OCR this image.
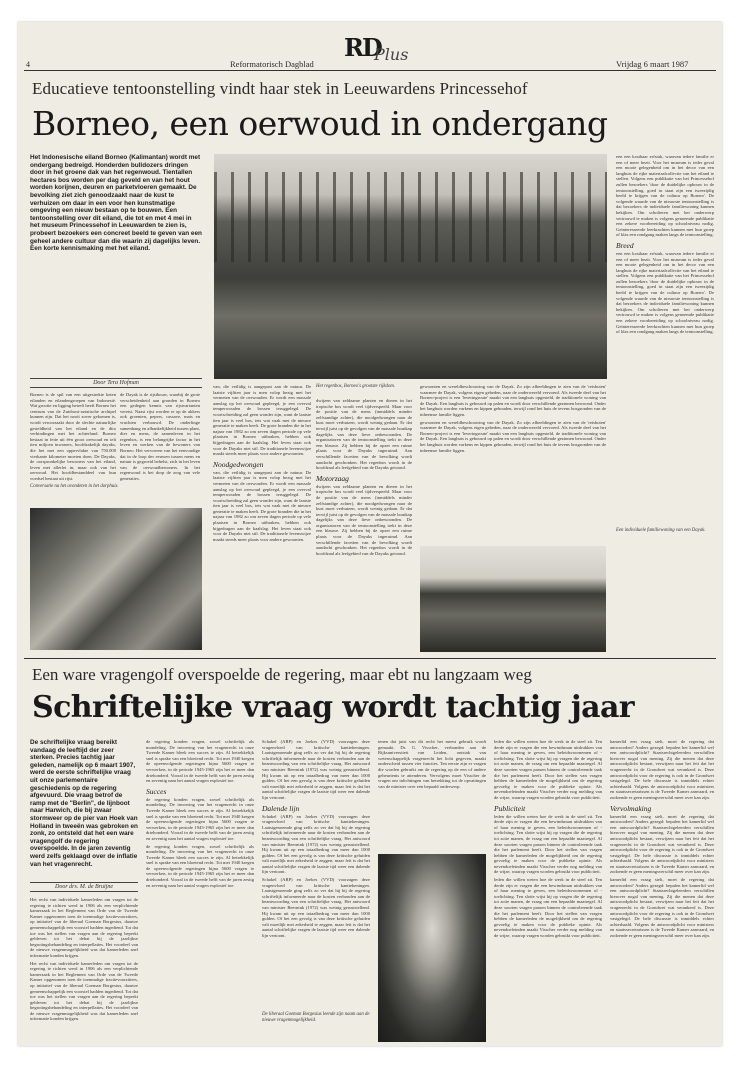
4
RD
Plus
Reformatorisch Dagblad	Vrijdag 6 maart 1987
Educatieve tentoonstelling vindt haar stek in Leeuwardens Princessehof
Borneo, een oerwoud in ondergang
Het Indonesische eiland Borneo (Kalimantan) wordt met ondergang bedreigd. Honderden bulldozers dringen door in het groene dak van het regenwoud. Tientallen hectares bos worden per dag geveld en van het hout worden korijnen, deuren en parketvloeren gemaakt. De bevolking ziet zich genoodzaakt naar de kust te verhuizen om daar in een voor hen kunstmatige omgeving een nieuw bestaan op te bouwen. Een tentoonstelling over dit eiland, die tot en met 4 mei in het museum Princessehof in Leeuwarden te zien is, probeert bezoekers een concreet beeld te geven van een geheel andere cultuur dan die waarin zij dagelijks leven. Een korte kennismaking met het eiland.

een een kostbaar erfstuk, waarvan iedere familie er een of meer bezit. Voor het museum is ieder geval een mooie gelegenheid om in het decor van een langhuis de rijke materiaalcollectie van het eiland te stellen. Volgens een publikatie van het Princessehof zullen bezoekers 'door de duidelijke opbouw in de tentoonstelling, goed in staat zijn een tweezijdig beeld te krijgen van de cultuur op Borneo'. De volgende waarde van de nieuwste tentoonstelling is dat bezoekers de individuele familiewoning kunnen bekijken. Om scholieren met het onderwerp vertrouwd te maken is volgens genoemde publikatie een zekere voorbereiding op schoolniveau nodig. Geïnteresseerde leerkrachten kunnen met hun groep of klas een rondgang maken langs de tentoonstelling.

Breed

een een kostbaar erfstuk, waarvan iedere familie er een of meer bezit. Voor het museum is ieder geval een mooie gelegenheid om in het decor van een langhuis de rijke materiaalcollectie van het eiland te stellen. Volgens een publikatie van het Princessehof zullen bezoekers 'door de duidelijke opbouw in de tentoonstelling, goed in staat zijn een tweezijdig beeld te krijgen van de cultuur op Borneo'. De volgende waarde van de nieuwste tentoonstelling is dat bezoekers de individuele familiewoning kunnen bekijken. Om scholieren met het onderwerp vertrouwd te maken is volgens genoemde publikatie een zekere voorbereiding op schoolniveau nodig. Geïnteresseerde leerkrachten kunnen met hun groep of klas een rondgang maken langs de tentoonstelling.

Door Tera Hofman

Borneo is de spil van een uitgestrekte keten eilanden en eilandengroepen van Indonesië. Wat grootte en ligging betreft heeft Borneo het centrum van de Zuidoost-aziatische archipel kunnen zijn. Dat het nooit zover gekomen is, wordt veroorzaakt door de slechte natuurlijke gesteldheid van het eiland en de dito verbindingen met het achterland. Borneo bestaat in feite uit één groot oerwoud en telt tien miljoen inwoners, hoofdzakelijk dayaks, die het met een oppervlakte van 750.000 vierkante kilometer moeten doen. De Dayaks, de oorspronkelijke bewoners van het eiland, leven met allerlei in, maar ook van het oerwoud. Het hoofdbestanddeel van hun voedsel bestaat uit rijst.

Conversatie na het avondeten in het dorphuis.

de Dayak is de rijstbouw, waarbij de grote verscheidenheid aan gronden in Borneo een gedegen kennis van rijstvarianten vereist. Naast rijst worden er op de akkers ook groenten, pepers, cassave, mais en vruchten verbouwd. De onderlinge samenhang en afhankelijkheid tussen plant, dier en mens, de samenleven in het regenbos, is een belangrijke factor in het leven en werken van de bewoners van Borneo. Het vervoeren van het eenvoudige dat in de loop der eeuwen tussen mens en natuur is gegroeid behelst, zich in het leven van de oerwoudbewoners. In het regenwoud is het dorp de zorg van vele generaties.

van, die veilidig is aangepast aan de natuur. De laatste vijftien jaar is men volop bezig met het vermeten van de oerwouden. Er wordt een massale aanslag op het oerwoud gepleegd, je een overval temperwouden de bossen teruggelegd. De voortschreiding zal geen wonder zijn, want de laatste tien jaar is veel bos, iets wat vaak met de nieuwe generatie te maken heeft. De grote branden die in het najaar van 1982 zo om zeven dagen periode op vele plaatsen in Borneo uitbraken, hebben ook bijgedragen aan de kaalslag. Het leven staat ook voor de Dayaks niet stil. De traditionele levenswijze maakt steeds meer plaats voor andere gewoonten.

Noodgedwongen

van, die veilidig is aangepast aan de natuur. De laatste vijftien jaar is men volop bezig met het vermeten van de oerwouden. Er wordt een massale aanslag op het oerwoud gepleegd, je een overval temperwouden de bossen teruggelegd. De voortschreiding zal geen wonder zijn, want de laatste tien jaar is veel bos, iets wat vaak met de nieuwe generatie te maken heeft. De grote branden die in het najaar van 1982 zo om zeven dagen periode op vele plaatsen in Borneo uitbraken, hebben ook bijgedragen aan de kaalslag. Het leven staat ook voor de Dayaks niet stil. De traditionele levenswijze maakt steeds meer plaats voor andere gewoonten.

Het regenbos, Borneo's grootste rijkdom.

dwijzen van zeldzame planten en dieren in het tropische bos wordt veel tijdverspeeld. Maar voor de positie van de mens (inmiddels minder zelfstandige achter), die noodgedwongen naar de kust moet verhuizen, wordt weinig gedaan. Er dat terwijl juist op de gevolgen van de massale houtkap dagelijks van deze lieve onbewoonden. De organisatoren van de tentoonstelling trekt in deze een blauwe. Zij hebben bij de opzet een ruime plaats voor de Dayaks ingeruimd. Aan verschillende facetten van de bevolking wordt aandacht geschonken. Het regenbos wordt in de hoofdzaal als leefgebied van de Dayaks getoond.

Motorzaag

dwijzen van zeldzame planten en dieren in het tropische bos wordt veel tijdverspeeld. Maar voor de positie van de mens (inmiddels minder zelfstandige achter), die noodgedwongen naar de kust moet verhuizen, wordt weinig gedaan. Er dat terwijl juist op de gevolgen van de massale houtkap dagelijks van deze lieve onbewoonden. De organisatoren van de tentoonstelling trekt in deze een blauwe. Zij hebben bij de opzet een ruime plaats voor de Dayaks ingeruimd. Aan verschillende facetten van de bevolking wordt aandacht geschonken. Het regenbos wordt in de hoofdzaal als leefgebied van de Dayaks getoond.

gewoonten en wereldbeschouwing van de Dayak. Zo zijn afbeeldingen te zien van de 'reisboten' waarmee de Dayak, volgens eigen gebeden, naar de onderwereld vervoerd. Als tweede deel van het Borneo-project is een 'leveringroute' maakt van een langhuis opgesteld, de traditionele woning van de Dayak. Een langhuis is gebouwd op palen en wordt door verschillende gezinnen bewoond. Onder het langhuis worden varkens en kippen gehouden, terwijl rond het huis de tevens bosgronden van de inheemse familie liggen.

gewoonten en wereldbeschouwing van de Dayak. Zo zijn afbeeldingen te zien van de 'reisboten' waarmee de Dayak, volgens eigen gebeden, naar de onderwereld vervoerd. Als tweede deel van het Borneo-project is een 'leveringroute' maakt van een langhuis opgesteld, de traditionele woning van de Dayak. Een langhuis is gebouwd op palen en wordt door verschillende gezinnen bewoond. Onder het langhuis worden varkens en kippen gehouden, terwijl rond het huis de tevens bosgronden van de inheemse familie liggen.

Een individuele familiewoning van een Dayak.
Een ware vragengolf overspoelde de regering, maar ebt nu langzaam weg
Schriftelijke vraag wordt tachtig jaar
De schriftelijke vraag bereikt vandaag de leeftijd der zeer sterken. Precies tachtig jaar geleden, namelijk op 6 maart 1907, werd de eerste schriftelijke vraag uit onze parlementaire geschiedenis op de regering afgevuurd. Die vraag betrof de ramp met de "Berlin", de lijnboot naar Harwich, die bij zwaar stormweer op de pier van Hoek van Holland in tweeën was gebroken en zonk, zo ontsteld dat het een ware vragengolf de regering overspoelde. In de jaren zeventig werd zelfs geklaagd over de inflatie van het vragenrecht.
Door drs. M. de Bruijne

Het recht van individuele kamerleden om vragen tot de regering te richten werd in 1906 als een verplichtende kamerzaak in het Reglement van Orde van de Tweede Kamer opgenomen toen de toenmalige fractievoorzitters, op initiatief van de liberaal Goeman Borgesius, daartoe gemeenschappelijk een voorstel hadden ingediend. Tot dat toe was het stellen van vragen aan de regering beperkt gebleven tot het debat bij de jaarlijkse begrotingsbehandeling en interpellaties. Het voordeel van de nieuwe vragenmogelijkheid was dat kamerleden snel informatie konden krijgen.

Het recht van individuele kamerleden om vragen tot de regering te richten werd in 1906 als een verplichtende kamerzaak in het Reglement van Orde van de Tweede Kamer opgenomen toen de toenmalige fractievoorzitters, op initiatief van de liberaal Goeman Borgesius, daartoe gemeenschappelijk een voorstel hadden ingediend. Tot dat toe was het stellen van vragen aan de regering beperkt gebleven tot het debat bij de jaarlijkse begrotingsbehandeling en interpellaties. Het voordeel van de nieuwe vragenmogelijkheid was dat kamerleden snel informatie konden krijgen.

de regering konden vragen, zowel schriftelijk als mondeling. De invoering van het vragenrecht in onze Tweede Kamer bleek een succes te zijn. Al betrekkelijk snel is sprake van een bloeiend recht. Tot met 1940 kregen de opeenvolgende regeringen bijna 5600 vragen te verwerken, in de periode 1945-1965 zijn het er meer dan driehonderd. Vooral in de tweede helft van de jaren zestig en zeventig nam het aantal vragen explosief toe.

Succes

de regering konden vragen, zowel schriftelijk als mondeling. De invoering van het vragenrecht in onze Tweede Kamer bleek een succes te zijn. Al betrekkelijk snel is sprake van een bloeiend recht. Tot met 1940 kregen de opeenvolgende regeringen bijna 5600 vragen te verwerken, in de periode 1945-1965 zijn het er meer dan driehonderd. Vooral in de tweede helft van de jaren zestig en zeventig nam het aantal vragen explosief toe.

de regering konden vragen, zowel schriftelijk als mondeling. De invoering van het vragenrecht in onze Tweede Kamer bleek een succes te zijn. Al betrekkelijk snel is sprake van een bloeiend recht. Tot met 1940 kregen de opeenvolgende regeringen bijna 5600 vragen te verwerken, in de periode 1945-1965 zijn het er meer dan driehonderd. Vooral in de tweede helft van de jaren zestig en zeventig nam het aantal vragen explosief toe.

Schakel (ARP) en Joekes (VVD) voorzagen deze vragenvloed van kritische kanttekeningen. Laatstgenoemde ging zelfs zo ver dat hij bij de regering schriftelijk informeerde naar de kosten verbonden aan de beantwoording van een schriftelijke vraag. Het antwoord van minister Beernink (1972) was weinig geruststellend. Hij kwam uit op een totaalbedrag van meer dan 1000 gulden. Of het een gevolg is van deze kritische geluiden valt moeilijk met zekerheid te zeggen, maar feit is dat het aantal schriftelijke vragen de laatste tijd weer een dalende lijn vertoont.

Dalende lijn

Schakel (ARP) en Joekes (VVD) voorzagen deze vragenvloed van kritische kanttekeningen. Laatstgenoemde ging zelfs zo ver dat hij bij de regering schriftelijk informeerde naar de kosten verbonden aan de beantwoording van een schriftelijke vraag. Het antwoord van minister Beernink (1972) was weinig geruststellend. Hij kwam uit op een totaalbedrag van meer dan 1000 gulden. Of het een gevolg is van deze kritische geluiden valt moeilijk met zekerheid te zeggen, maar feit is dat het aantal schriftelijke vragen de laatste tijd weer een dalende lijn vertoont.

Schakel (ARP) en Joekes (VVD) voorzagen deze vragenvloed van kritische kanttekeningen. Laatstgenoemde ging zelfs zo ver dat hij bij de regering schriftelijk informeerde naar de kosten verbonden aan de beantwoording van een schriftelijke vraag. Het antwoord van minister Beernink (1972) was weinig geruststellend. Hij kwam uit op een totaalbedrag van meer dan 1000 gulden. Of het een gevolg is van deze kritische geluiden valt moeilijk met zekerheid te zeggen, maar feit is dat het aantal schriftelijke vragen de laatste tijd weer een dalende lijn vertoont.

De liberaal Goeman Borgesius leende zijn naam aan de nieuwe vragenmogelijkheid.

tenen dat juist van dit recht het meest gebruik wordt gemaakt. Dr. G. Visscher, verbonden aan de Rijksuniversiteit van Leiden, ontstak van wetenschappelijk vragenrecht het licht gegeven, maakt onderscheid tussen vier functies. Ten eerste zijn er vragen die worden gebruikt om de regering op de een of andere gebeurtenis te attenderen. Vervolgens moet Visscher de vragen om inlichtingen van betrekking tot de opvattingen van de minister over een bepaald onderwerp.

leden die willen weten hoe de werk in de steel zit. Ten derde zijn er vragen die een bewindsman uitdrukken van of haar mening te geven, een beleidsvoornemen of -toelichting. Ten slotte wijst hij op vragen die de regering tot actie manen, de vraag om een bepaalde maatregel. Al deze soorten vragen passen binnen de controlerende taak die het parlement heeft. Door het stellen van vragen hebben de kamerleden de mogelijkheid om de regering gevoelig te maken voor de publieke opinie. Als nevendoeleinden maakt Visscher verder nog melding van de wijze, waarop vragen worden gebruikt voor publiciteit.

Publiciteit

leden die willen weten hoe de werk in de steel zit. Ten derde zijn er vragen die een bewindsman uitdrukken van of haar mening te geven, een beleidsvoornemen of -toelichting. Ten slotte wijst hij op vragen die de regering tot actie manen, de vraag om een bepaalde maatregel. Al deze soorten vragen passen binnen de controlerende taak die het parlement heeft. Door het stellen van vragen hebben de kamerleden de mogelijkheid om de regering gevoelig te maken voor de publieke opinie. Als nevendoeleinden maakt Visscher verder nog melding van de wijze, waarop vragen worden gebruikt voor publiciteit.

leden die willen weten hoe de werk in de steel zit. Ten derde zijn er vragen die een bewindsman uitdrukken van of haar mening te geven, een beleidsvoornemen of -toelichting. Ten slotte wijst hij op vragen die de regering tot actie manen, de vraag om een bepaalde maatregel. Al deze soorten vragen passen binnen de controlerende taak die het parlement heeft. Door het stellen van vragen hebben de kamerleden de mogelijkheid om de regering gevoelig te maken voor de publieke opinie. Als nevendoeleinden maakt Visscher verder nog melding van de wijze, waarop vragen worden gebruikt voor publiciteit.

kamerlid een vraag stelt, moet de regering dat antwoorden? Anders gezegd: bepalen het kamerlid wel een antwoordplicht? Staatsrechtgeleerden verschillen hierover nogal van mening. Zij die menen dat deze antwoordplicht bestaat, verwijzen naar het feit dat het vragenrecht in de Grondwet wat verankerd is. Deze antwoordplicht voor de regering is ook in de Grondwet vastgelegd. De hele discussie is inmiddels echter achterhaald. Volgens de antwoordplicht voor ministers en staatssecretarissen is de Tweede Kamer aanvaard, en zodoende er geen meningsverschil meer over kan zijn.

Vervolmaking

kamerlid een vraag stelt, moet de regering dat antwoorden? Anders gezegd: bepalen het kamerlid wel een antwoordplicht? Staatsrechtgeleerden verschillen hierover nogal van mening. Zij die menen dat deze antwoordplicht bestaat, verwijzen naar het feit dat het vragenrecht in de Grondwet wat verankerd is. Deze antwoordplicht voor de regering is ook in de Grondwet vastgelegd. De hele discussie is inmiddels echter achterhaald. Volgens de antwoordplicht voor ministers en staatssecretarissen is de Tweede Kamer aanvaard, en zodoende er geen meningsverschil meer over kan zijn.

kamerlid een vraag stelt, moet de regering dat antwoorden? Anders gezegd: bepalen het kamerlid wel een antwoordplicht? Staatsrechtgeleerden verschillen hierover nogal van mening. Zij die menen dat deze antwoordplicht bestaat, verwijzen naar het feit dat het vragenrecht in de Grondwet wat verankerd is. Deze antwoordplicht voor de regering is ook in de Grondwet vastgelegd. De hele discussie is inmiddels echter achterhaald. Volgens de antwoordplicht voor ministers en staatssecretarissen is de Tweede Kamer aanvaard, en zodoende er geen meningsverschil meer over kan zijn.
